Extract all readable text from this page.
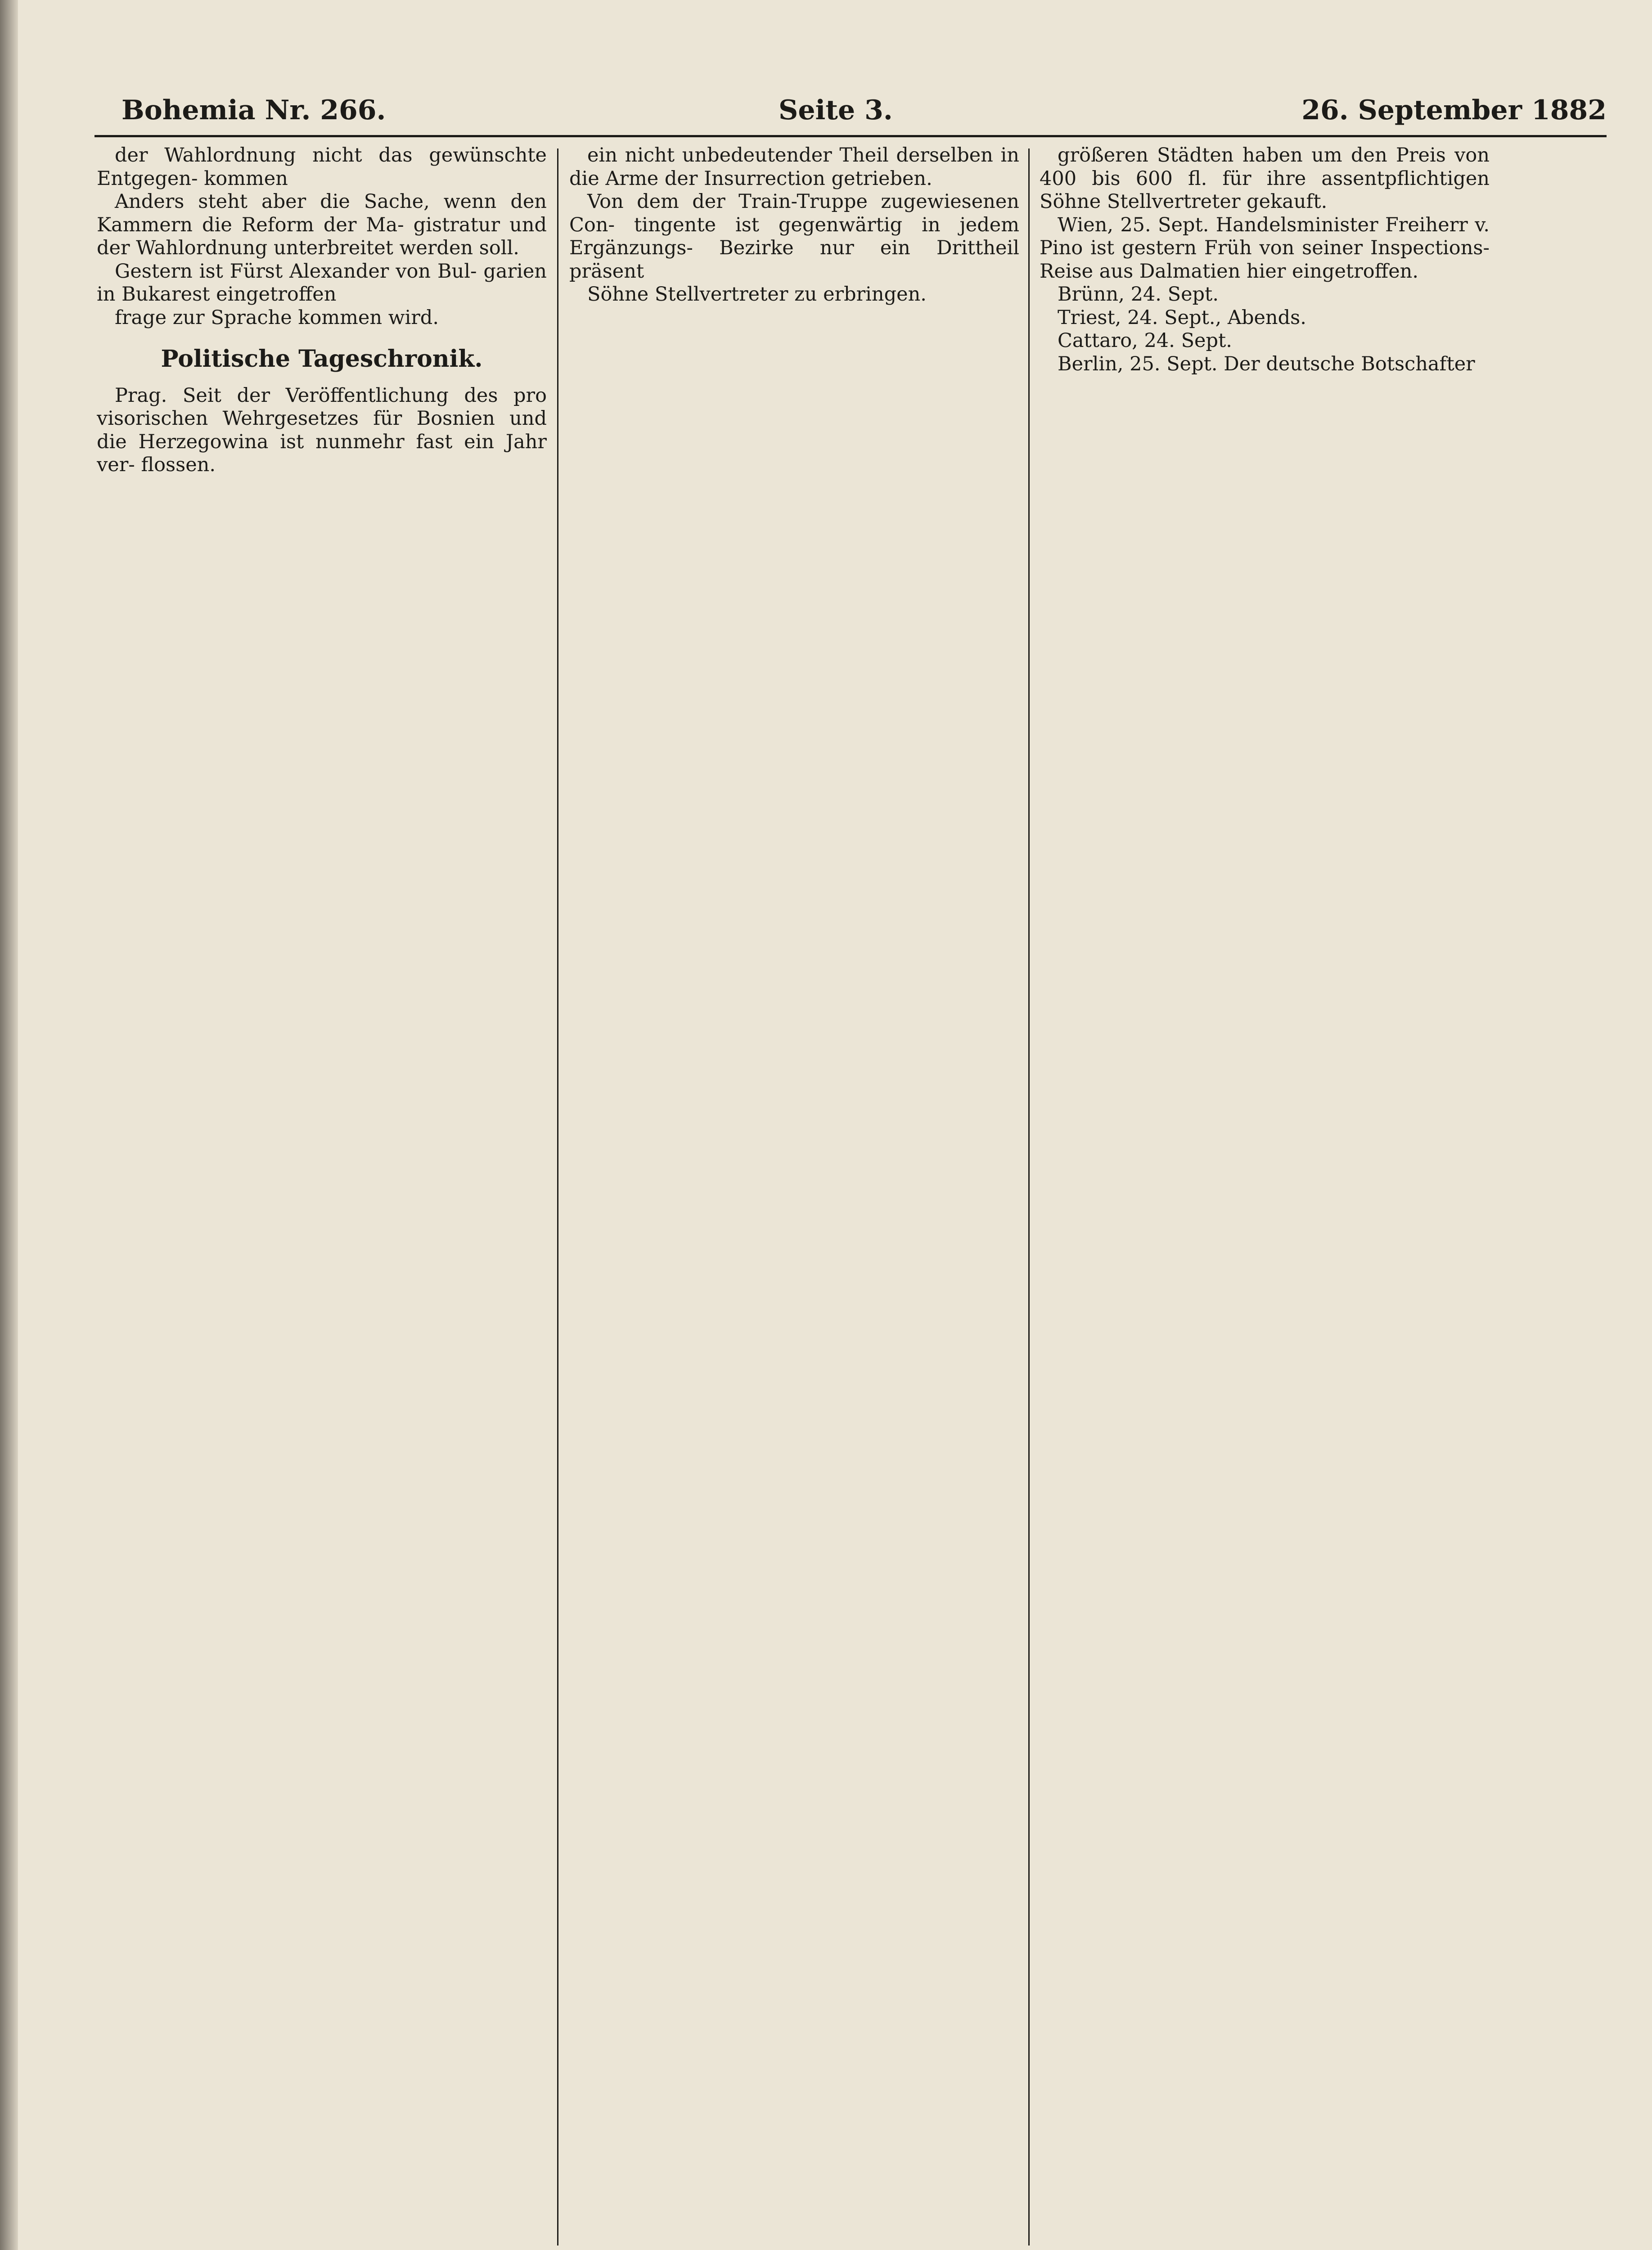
Bohemia Nr. 266.	Seite 3.	26. September 1882

der Wahlordnung nicht das gewünschte Entgegen- kommen

Anders steht aber die Sache, wenn den Kammern die Reform der Ma- gistratur und der Wahlordnung unterbreitet werden soll.

Gestern ist Fürst Alexander von Bul- garien in Bukarest eingetroffen

frage zur Sprache kommen wird.

Politische Tageschronik.

Prag. Seit der Veröffentlichung des pro visorischen Wehrgesetzes für Bosnien und die Herzegowina ist nunmehr fast ein Jahr ver- flossen.

ein nicht unbedeutender Theil derselben in die Arme der Insurrection getrieben.

Von dem der Train-Truppe zugewiesenen Con- tingente ist gegenwärtig in jedem Ergänzungs- Bezirke nur ein Drittheil präsent

Söhne Stellvertreter zu erbringen.

größeren Städten haben um den Preis von 400 bis 600 fl. für ihre assentpflichtigen Söhne Stellvertreter gekauft.

Wien, 25. Sept. Handelsminister Freiherr v. Pino ist gestern Früh von seiner Inspections- Reise aus Dalmatien hier eingetroffen.

Brünn, 24. Sept.

Triest, 24. Sept., Abends.

Cattaro, 24. Sept.

Berlin, 25. Sept. Der deutsche Botschafter
